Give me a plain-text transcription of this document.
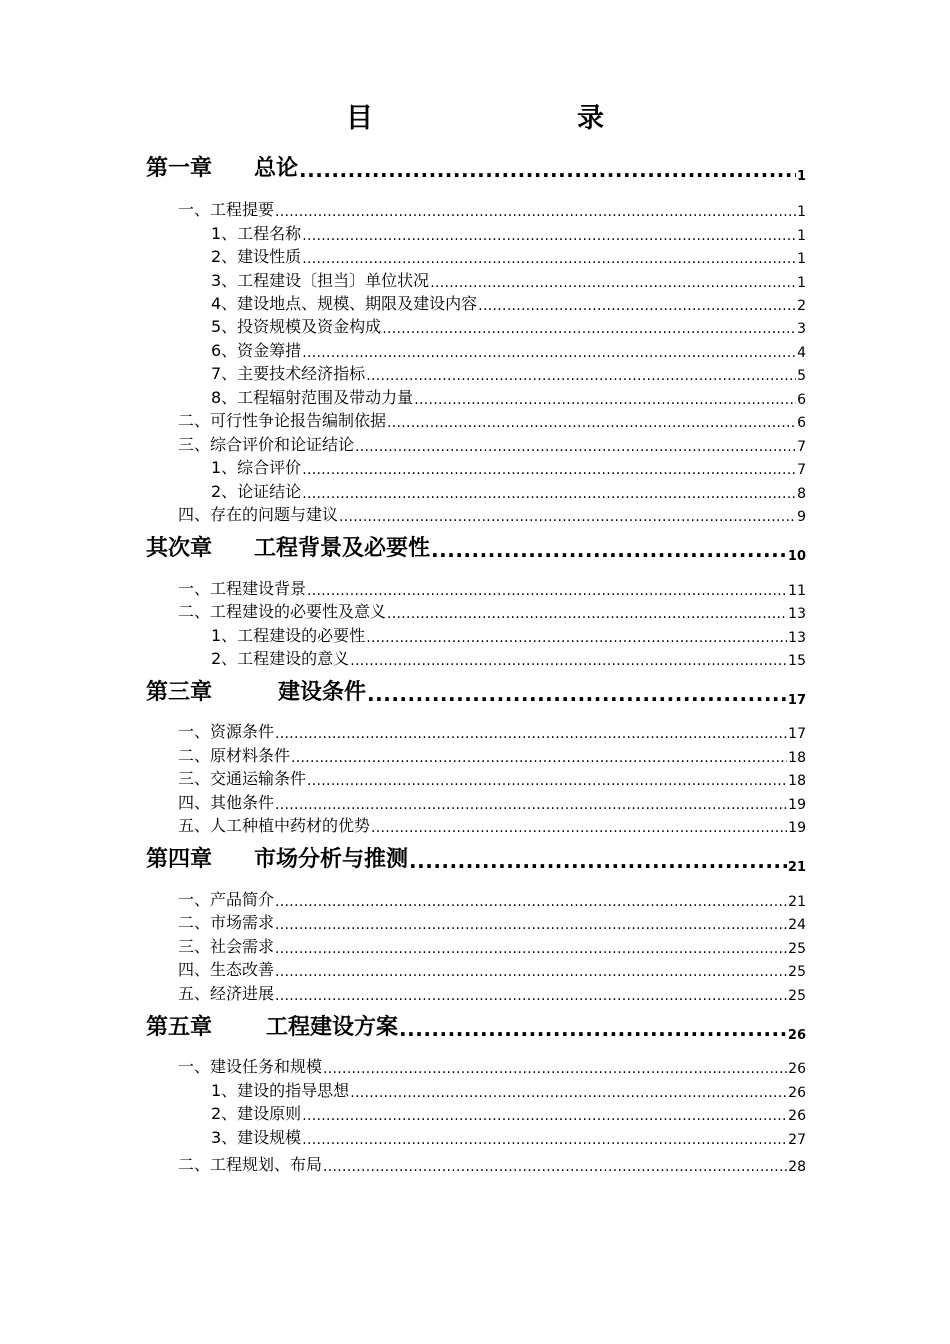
目　　录
第一章 总论 .....	1
一、工程提要 .....	1
1、工程名称 .....	1
2、建设性质 .....	1
3、工程建设〔担当〕单位状况 .....	1
4、建设地点、规模、期限及建设内容 .....	2
5、投资规模及资金构成 .....	3
6、资金筹措 .....	4
7、主要技术经济指标 .....	5
8、工程辐射范围及带动力量 .....	6
二、可行性争论报告编制依据 .....	6
三、综合评价和论证结论 .....	7
1、综合评价 .....	7
2、论证结论 .....	8
四、存在的问题与建议 .....	9
其次章 工程背景及必要性 .....	10
一、工程建设背景 .....	11
二、工程建设的必要性及意义 .....	13
1、工程建设的必要性 .....	13
2、工程建设的意义 .....	15
第三章	建设条件 .....	17
一、资源条件 .....	17
二、原材料条件 .....	18
三、交通运输条件 .....	18
四、其他条件 .....	19
五、人工种植中药材的优势 .....	19
第四章 市场分析与推测 .....	21
一、产品简介 .....	21
二、市场需求 .....	24
三、社会需求 .....	25
四、生态改善 .....	25
五、经济进展 .....	25
第五章 工程建设方案 .....	26
一、建设任务和规模 .....	26
1、建设的指导思想 .....	26
2、建设原则 .....	26
3、建设规模 .....	27
二、工程规划、布局 .....	28
